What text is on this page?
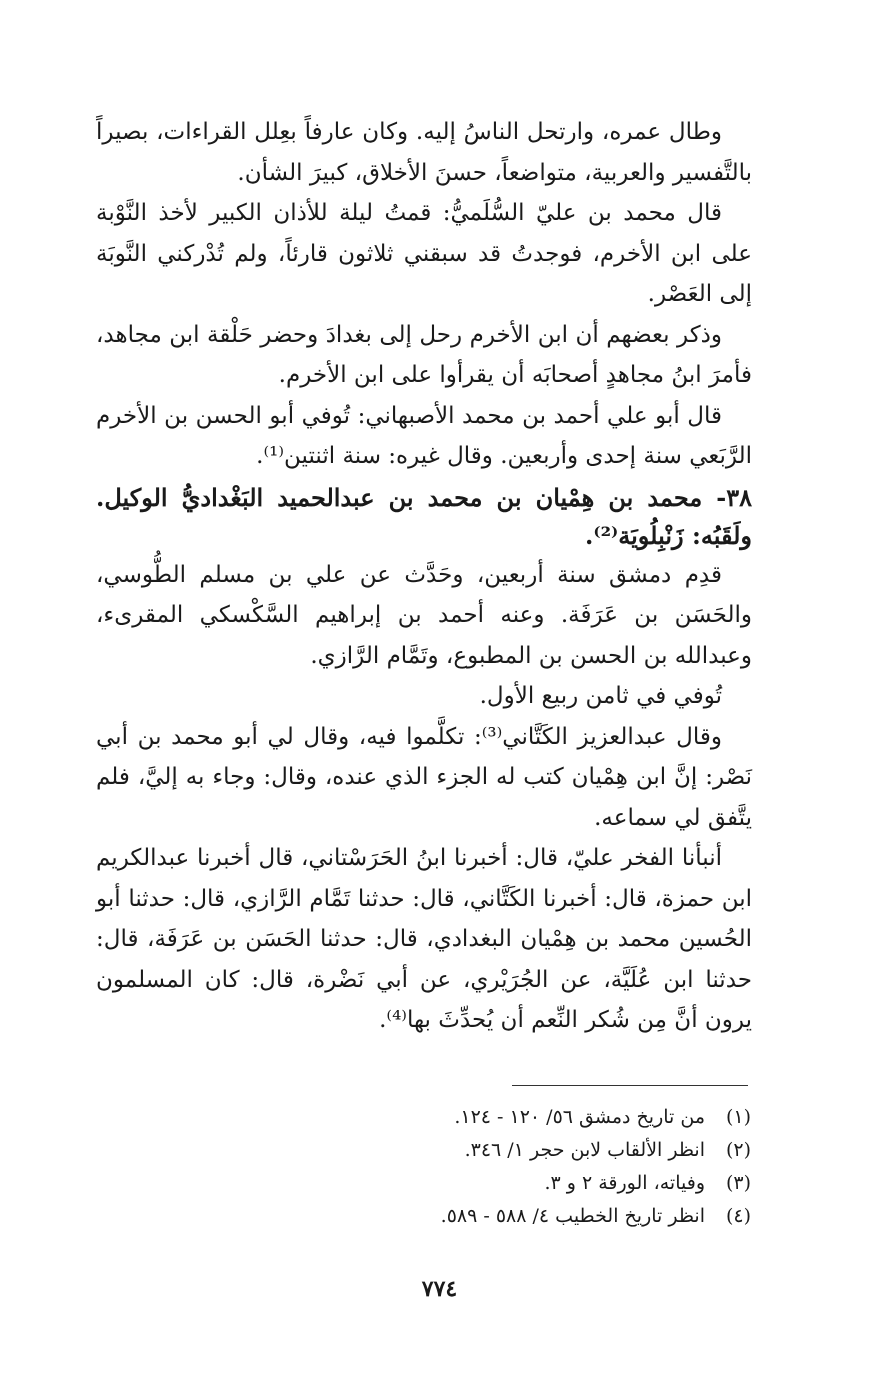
وطال عمره، وارتحل الناسُ إليه. وكان عارفاً بعِلل القراءات، بصيراً بالتَّفسير والعربية، متواضعاً، حسنَ الأخلاق، كبيرَ الشأن.

قال محمد بن عليّ السُّلَميُّ: قمتُ ليلة للأذان الكبير لأخذ النَّوْبة على ابن الأخرم، فوجدتُ قد سبقني ثلاثون قارئاً، ولم تُدْركني النَّوبَة إلى العَصْر.

وذكر بعضهم أن ابن الأخرم رحل إلى بغدادَ وحضر حَلْقة ابن مجاهد، فأمرَ ابنُ مجاهدٍ أصحابَه أن يقرأوا على ابن الأخرم.

قال أبو علي أحمد بن محمد الأصبهاني: تُوفي أبو الحسن بن الأخرم الرَّبَعي سنة إحدى وأربعين. وقال غيره: سنة اثنتين⁽¹⁾.

٣٨- محمد بن هِمْيان بن محمد بن عبدالحميد البَغْداديُّ الوكيل. ولَقَبُه: زَنْبِلُويَة⁽²⁾.

قدِم دمشق سنة أربعين، وحَدَّث عن علي بن مسلم الطُّوسي، والحَسَن بن عَرَفَة. وعنه أحمد بن إبراهيم السَّكْسكي المقرىء، وعبدالله بن الحسن بن المطبوع، وتَمَّام الرَّازي.

تُوفي في ثامن ربيع الأول.

وقال عبدالعزيز الكَتَّاني⁽³⁾: تكلَّموا فيه، وقال لي أبو محمد بن أبي نَصْر: إنَّ ابن هِمْيان كتب له الجزء الذي عنده، وقال: وجاء به إليَّ، فلم يتَّفق لي سماعه.

أنبأنا الفخر عليّ، قال: أخبرنا ابنُ الحَرَسْتاني، قال أخبرنا عبدالكريم ابن حمزة، قال: أخبرنا الكَتَّاني، قال: حدثنا تَمَّام الرَّازي، قال: حدثنا أبو الحُسين محمد بن هِمْيان البغدادي، قال: حدثنا الحَسَن بن عَرَفَة، قال: حدثنا ابن عُلَيَّة، عن الجُرَيْري، عن أبي نَضْرة، قال: كان المسلمون يرون أنَّ مِن شُكر النِّعم أن يُحدِّثَ بها⁽⁴⁾.

(١)من تاريخ دمشق ٥٦/ ١٢٠ - ١٢٤.
(٢)انظر الألقاب لابن حجر ١/ ٣٤٦.
(٣)وفياته، الورقة ٢ و ٣.
(٤)انظر تاريخ الخطيب ٤/ ٥٨٨ - ٥٨٩.
٧٧٤
